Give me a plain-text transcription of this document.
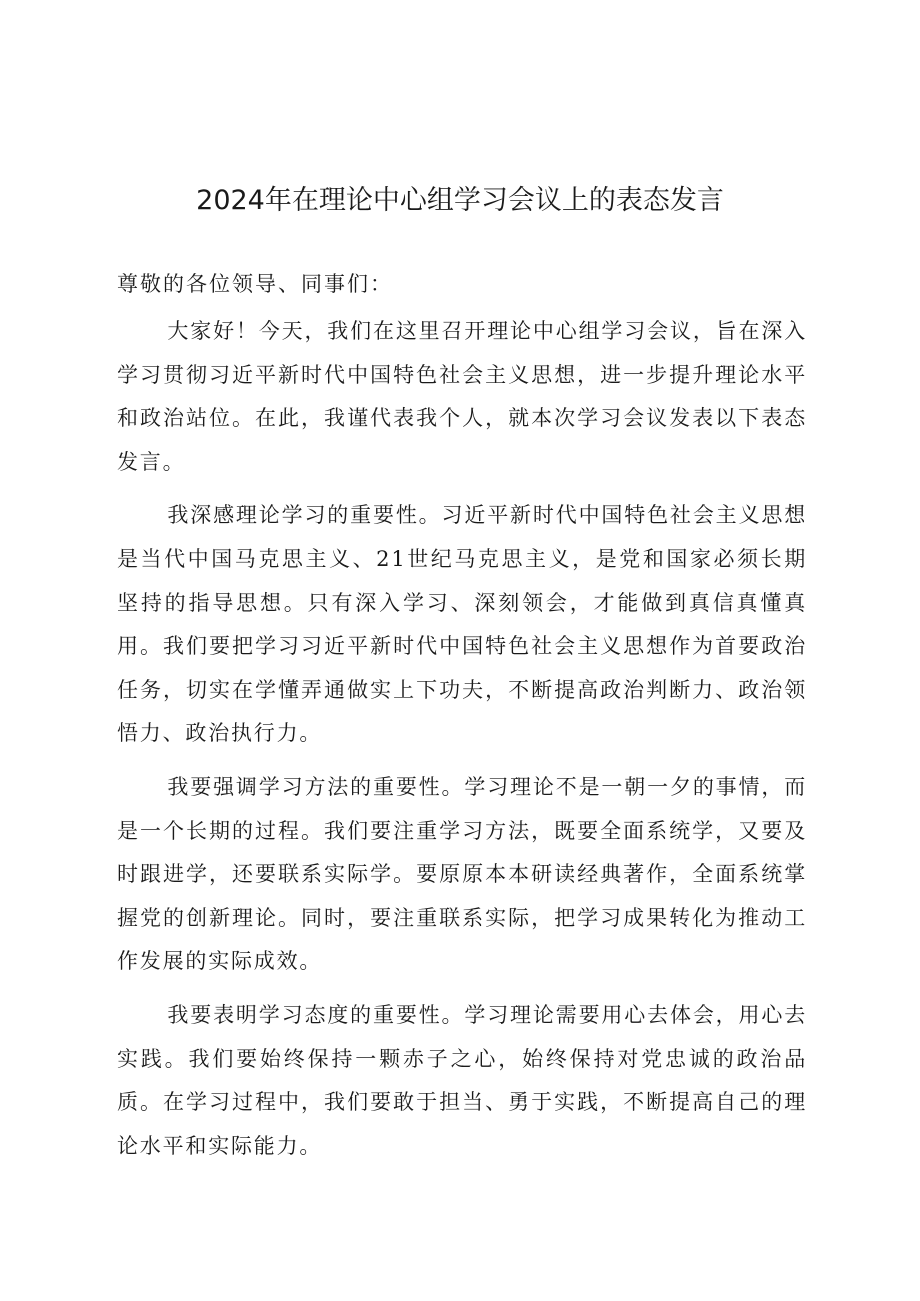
2024年在理论中心组学习会议上的表态发言

尊敬的各位领导、同事们：

大家好！今天，我们在这里召开理论中心组学习会议，旨在深入学习贯彻习近平新时代中国特色社会主义思想，进一步提升理论水平和政治站位。在此，我谨代表我个人，就本次学习会议发表以下表态发言。

我深感理论学习的重要性。习近平新时代中国特色社会主义思想是当代中国马克思主义、21世纪马克思主义，是党和国家必须长期坚持的指导思想。只有深入学习、深刻领会，才能做到真信真懂真用。我们要把学习习近平新时代中国特色社会主义思想作为首要政治任务，切实在学懂弄通做实上下功夫，不断提高政治判断力、政治领悟力、政治执行力。

我要强调学习方法的重要性。学习理论不是一朝一夕的事情，而是一个长期的过程。我们要注重学习方法，既要全面系统学，又要及时跟进学，还要联系实际学。要原原本本研读经典著作，全面系统掌握党的创新理论。同时，要注重联系实际，把学习成果转化为推动工作发展的实际成效。

我要表明学习态度的重要性。学习理论需要用心去体会，用心去实践。我们要始终保持一颗赤子之心，始终保持对党忠诚的政治品质。在学习过程中，我们要敢于担当、勇于实践，不断提高自己的理论水平和实际能力。
